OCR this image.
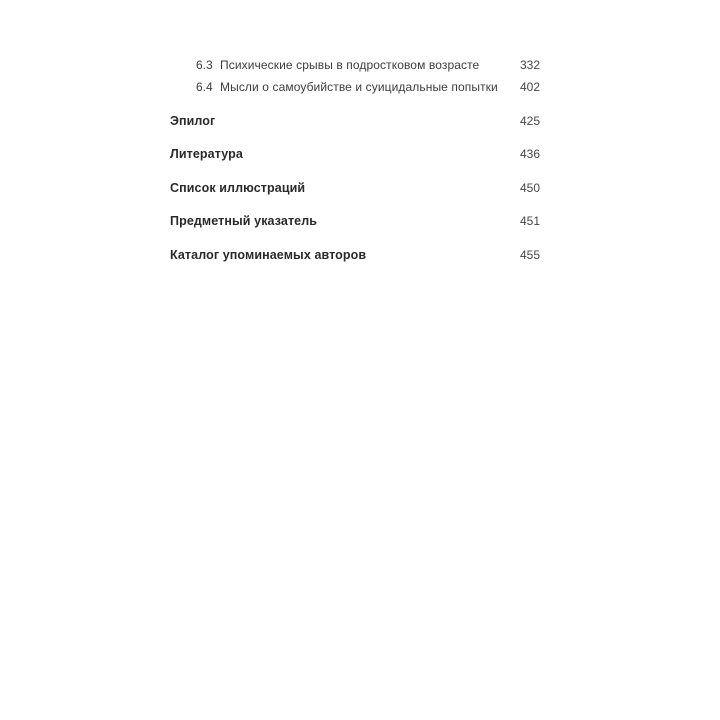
6.3 Психические срывы в подростковом возрасте	332
6.4 Мысли о самоубийстве и суицидальные попытки	402
Эпилог	425
Литература	436
Список иллюстраций	450
Предметный указатель	451
Каталог упоминаемых авторов	455
